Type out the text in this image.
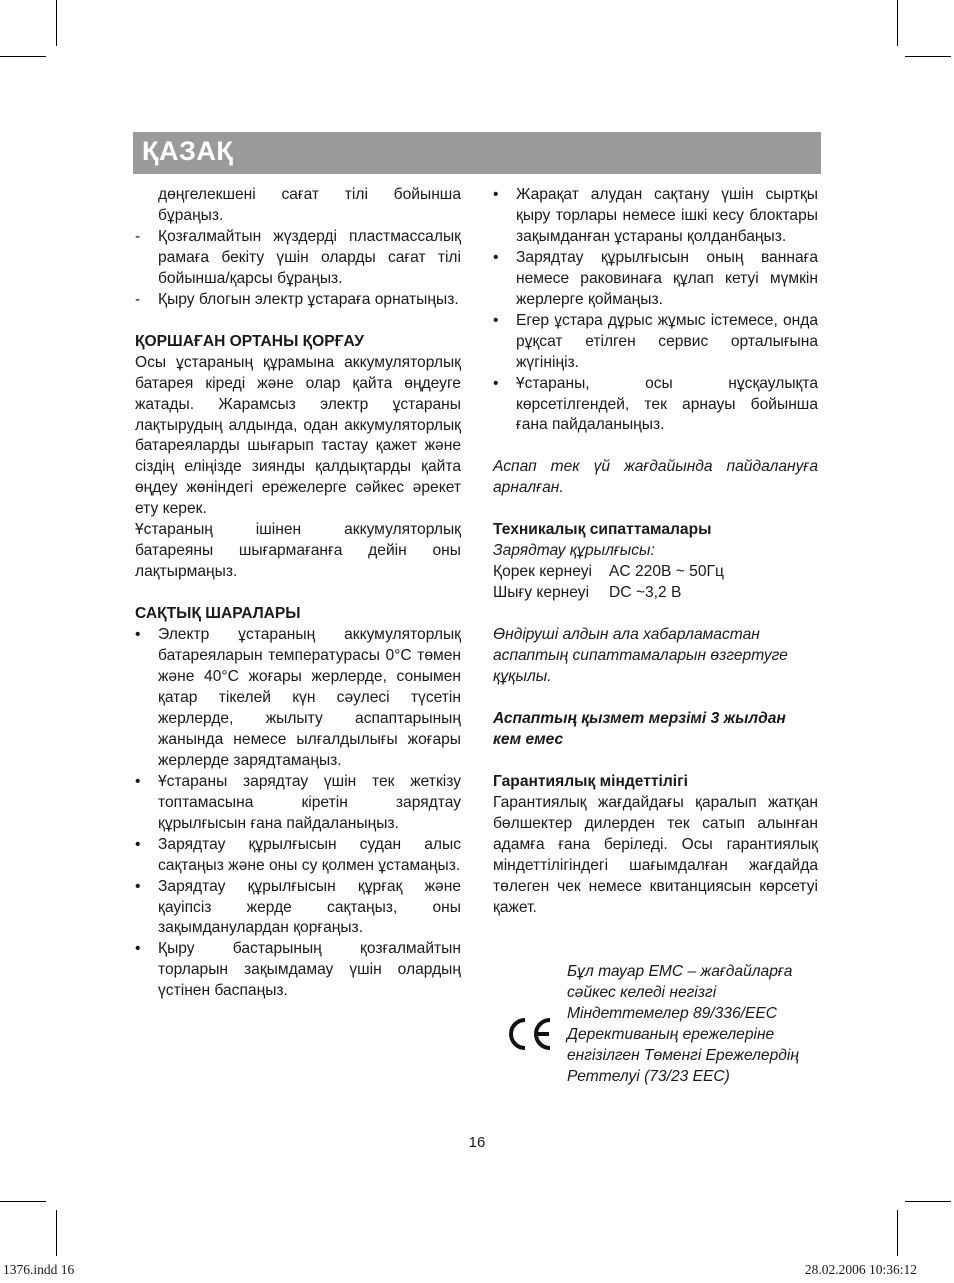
ҚАЗАҚ
дөңгелекшені сағат тілі бойынша бұраңыз.
- Қозғалмайтын жүздерді пластмассалық рамаға бекіту үшін оларды сағат тілі бойынша/қарсы бұраңыз.
- Қыру блогын электр ұстараға орнатыңыз.

ҚОРШАҒАН ОРТАНЫ ҚОРҒАУ

Осы ұстараның құрамына аккумуляторлық батарея кіреді және олар қайта өңдеуге жатады. Жарамсыз электр ұстараны лақтырудың алдында, одан аккумуляторлық батареяларды шығарып тастау қажет және сіздің еліңізде зиянды қалдықтарды қайта өңдеу жөніндегі ережелерге сәйкес әрекет ету керек.

Ұстараның ішінен аккумуляторлық батареяны шығармағанға дейін оны лақтырмаңыз.

САҚТЫҚ ШАРАЛАРЫ

• Электр ұстараның аккумуляторлық батареяларын температурасы 0°С төмен және 40°С жоғары жерлерде, сонымен қатар тікелей күн сәулесі түсетін жерлерде, жылыту аспаптарының жанында немесе ылғалдылығы жоғары жерлерде зарядтамаңыз.
• Ұстараны зарядтау үшін тек жеткізу топтамасына кіретін зарядтау құрылғысын ғана пайдаланыңыз.
• Зарядтау құрылғысын судан алыс сақтаңыз және оны су қолмен ұстамаңыз.
• Зарядтау құрылғысын құрғақ және қауіпсіз жерде сақтаңыз, оны зақымданулардан қорғаңыз.
• Қыру бастарының қозғалмайтын торларын зақымдамау үшін олардың үстінен баспаңыз.
• Жарақат алудан сақтану үшін сыртқы қыру торлары немесе ішкі кесу блоктары зақымданған ұстараны қолданбаңыз.
• Зарядтау құрылғысын оның ваннаға немесе раковинаға құлап кетуі мүмкін жерлерге қоймаңыз.
• Егер ұстара дұрыс жұмыс істемесе, онда рұқсат етілген сервис орталығына жүгініңіз.
• Ұстараны, осы нұсқаулықта көрсетілгендей, тек арнауы бойынша ғана пайдаланыңыз.

Аспап тек үй жағдайында пайдалануға арналған.

Техникалық сипаттамалары

Зарядтау құрылғысы:

Қорек кернеуі	AC 220В ~ 50Гц
Шығу кернеуі	DC ~3,2 В

Өндіруші алдын ала хабарламастан аспаптың сипаттамаларын өзгертуге құқылы.

Аспаптың қызмет мерзімі 3 жылдан кем емес

Гарантиялық міндеттілігі

Гарантиялық жағдайдағы қаралып жатқан бөлшектер дилерден тек сатып алынған адамға ғана беріледі. Осы гарантиялық міндеттілігіндегі шағымдалған жағдайда төлеген чек немесе квитанциясын көрсетуі қажет.

Бұл тауар ЕМС – жағдайларға сәйкес келеді негізгі Міндеттемелер 89/336/ЕЕС Дерективаның ережелеріне енгізілген Төменгі Ережелердің Реттелуі (73/23 ЕЕС)
16
1376.indd 16	28.02.2006 10:36:12
